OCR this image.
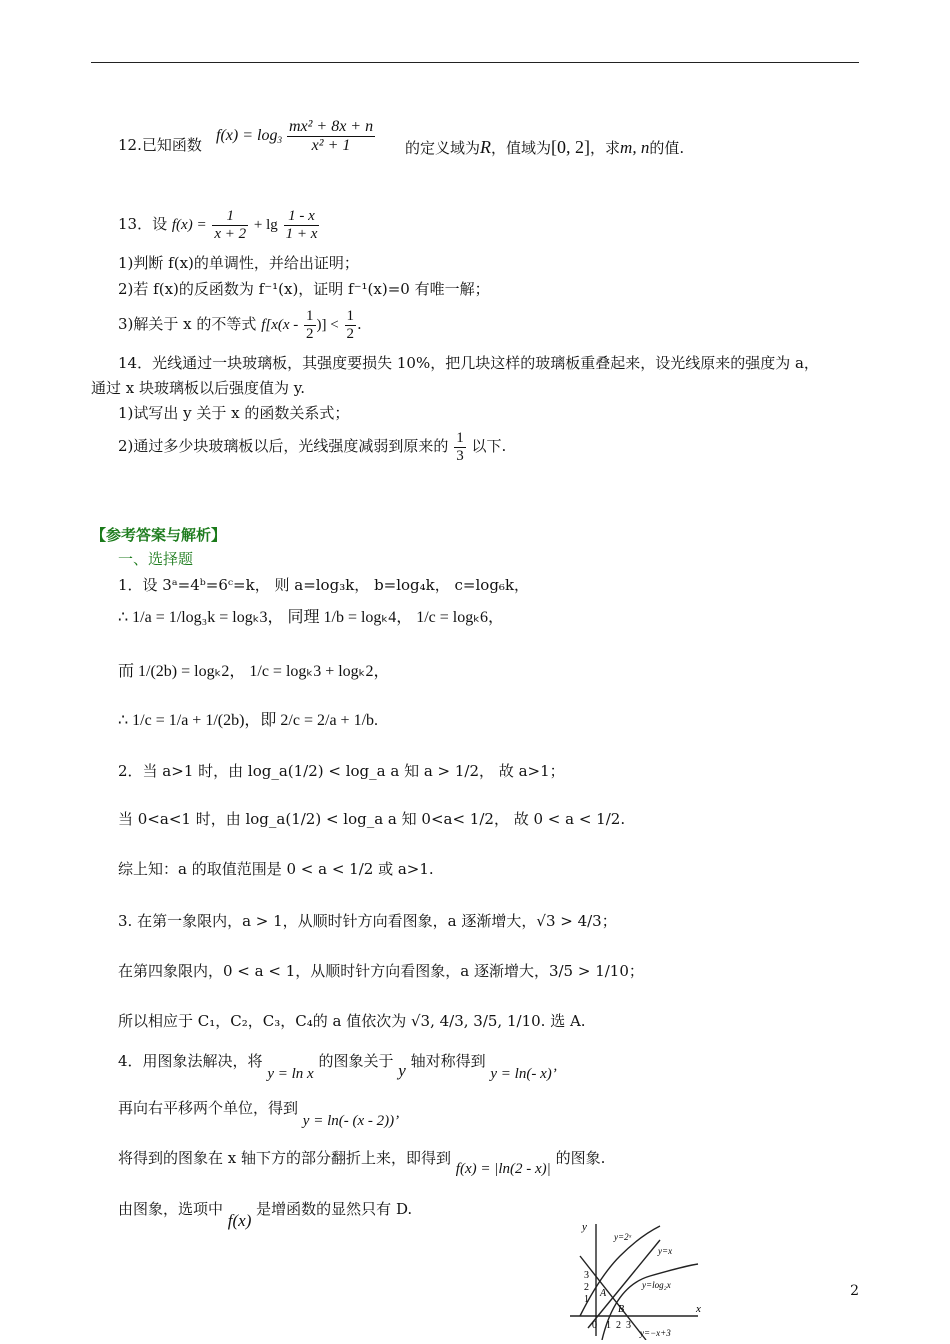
12.已知函数
$f(x) = \log_3 \frac{\text{mx² + 8x + n}}{\text{x² + 1}}$ 的定义域为R，值域为[0, 2]，求m, n的值.
13．设 $f(x) = \frac{1}{x + 2} + \lg \frac{1 - x}{1 + x}$
1)判断 f(x)的单调性，并给出证明；
2)若 f(x)的反函数为 f⁻¹(x)，证明 f⁻¹(x)=0 有唯一解；
3)解关于 x 的不等式 $f[x(x - \frac{1}{2}$ )] < $\frac{1}{2}$ .
14．光线通过一块玻璃板，其强度要损失 10%，把几块这样的玻璃板重叠起来，设光线原来的强度为 a，
通过 x 块玻璃板以后强度值为 y.
1)试写出 y 关于 x 的函数关系式；
2)通过多少块玻璃板以后，光线强度减弱到原来的 $\frac{1}{3}$ 以下.
【参考答案与解析】
一、选择题
1．设 3ᵃ=4ᵇ=6ᶜ=k， 则 a=log₃k， b=log₄k， c=log₆k，
∴ 1/a = 1/log₃k = logₖ3， 同理 1/b = logₖ4， 1/c = logₖ6，
而 1/(2b) = logₖ2， 1/c = logₖ3 + logₖ2，
∴ 1/c = 1/a + 1/(2b)，即 2/c = 2/a + 1/b.
2．当 a>1 时，由 log_a(1/2) < log_a a 知 a > 1/2， 故 a>1；
当 0<a<1 时，由 log_a(1/2) < log_a a 知 0<a< 1/2， 故 0 < a < 1/2.
综上知：a 的取值范围是 0 < a < 1/2 或 a>1.
3. 在第一象限内，a > 1，从顺时针方向看图象，a 逐渐增大，√3 > 4/3；
在第四象限内，0 < a < 1，从顺时针方向看图象，a 逐渐增大，3/5 > 1/10；
所以相应于 C₁，C₂，C₃，C₄的 a 值依次为 √3, 4/3, 3/5, 1/10. 选 A.
4．用图象法解决，将 y = ln x 的图象关于 y 轴对称得到 y = ln(- x)’
再向右平移两个单位，得到 y = ln(- (x - 2))’
将得到的图象在 x 轴下方的部分翻折上来，即得到 f(x) = |ln(2 - x)| 的图象.
由图象，选项中 f(x) 是增函数的显然只有 D.
y
x
3
2
1
0 1 2 3
y=2ˣ
y=x
y=log₂x
y=−x+3
A
B
2
